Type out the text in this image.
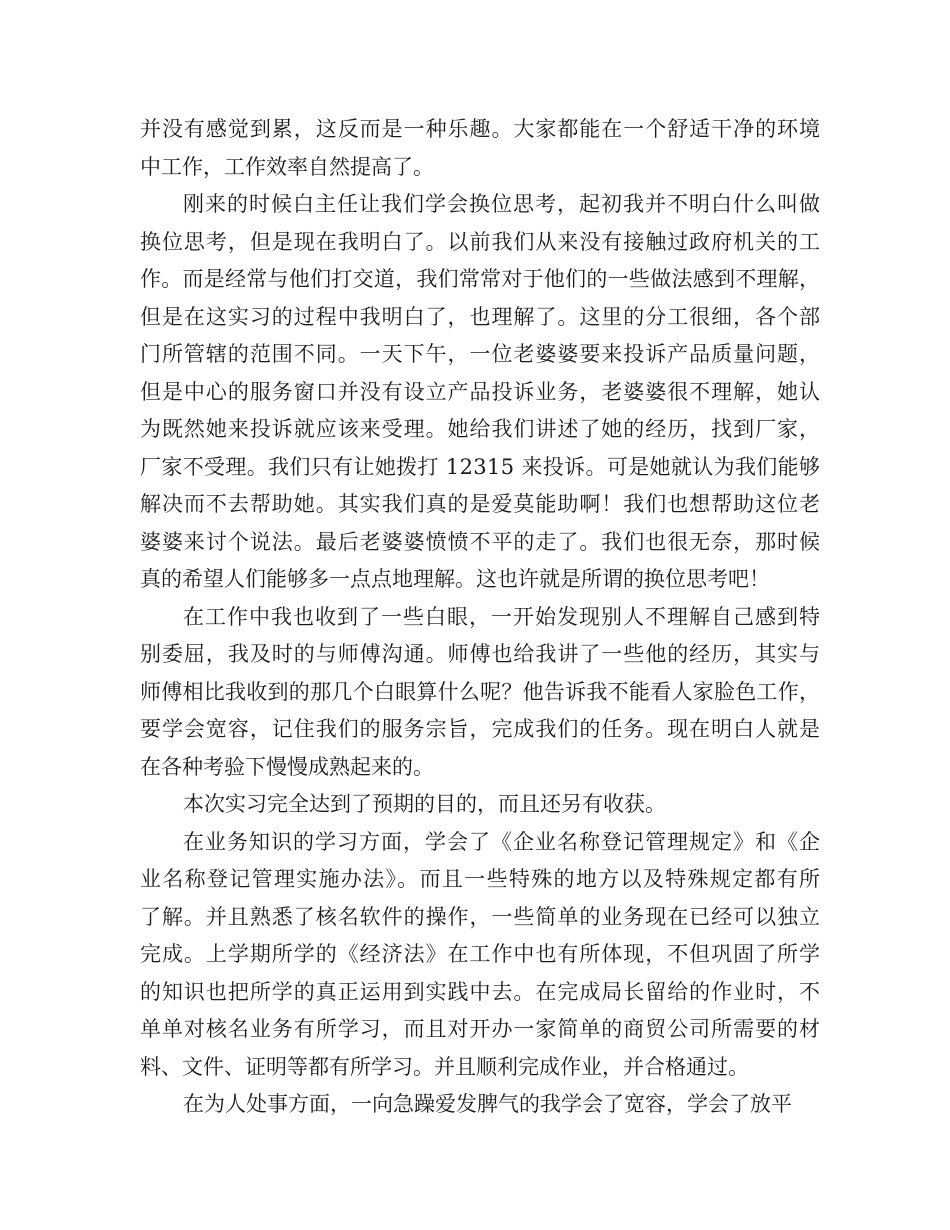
并没有感觉到累，这反而是一种乐趣。大家都能在一个舒适干净的环境
中工作，工作效率自然提高了。
刚来的时候白主任让我们学会换位思考，起初我并不明白什么叫做
换位思考，但是现在我明白了。以前我们从来没有接触过政府机关的工
作。而是经常与他们打交道，我们常常对于他们的一些做法感到不理解，
但是在这实习的过程中我明白了，也理解了。这里的分工很细，各个部
门所管辖的范围不同。一天下午，一位老婆婆要来投诉产品质量问题，
但是中心的服务窗口并没有设立产品投诉业务，老婆婆很不理解，她认
为既然她来投诉就应该来受理。她给我们讲述了她的经历，找到厂家，
厂家不受理。我们只有让她拨打 12315 来投诉。可是她就认为我们能够
解决而不去帮助她。其实我们真的是爱莫能助啊！我们也想帮助这位老
婆婆来讨个说法。最后老婆婆愤愤不平的走了。我们也很无奈，那时候
真的希望人们能够多一点点地理解。这也许就是所谓的换位思考吧！
在工作中我也收到了一些白眼，一开始发现别人不理解自己感到特
别委屈，我及时的与师傅沟通。师傅也给我讲了一些他的经历，其实与
师傅相比我收到的那几个白眼算什么呢？他告诉我不能看人家脸色工作，
要学会宽容，记住我们的服务宗旨，完成我们的任务。现在明白人就是
在各种考验下慢慢成熟起来的。
本次实习完全达到了预期的目的，而且还另有收获。
在业务知识的学习方面，学会了《企业名称登记管理规定》和《企
业名称登记管理实施办法》。而且一些特殊的地方以及特殊规定都有所
了解。并且熟悉了核名软件的操作，一些简单的业务现在已经可以独立
完成。上学期所学的《经济法》在工作中也有所体现，不但巩固了所学
的知识也把所学的真正运用到实践中去。在完成局长留给的作业时，不
单单对核名业务有所学习，而且对开办一家简单的商贸公司所需要的材
料、文件、证明等都有所学习。并且顺利完成作业，并合格通过。
在为人处事方面，一向急躁爱发脾气的我学会了宽容，学会了放平
